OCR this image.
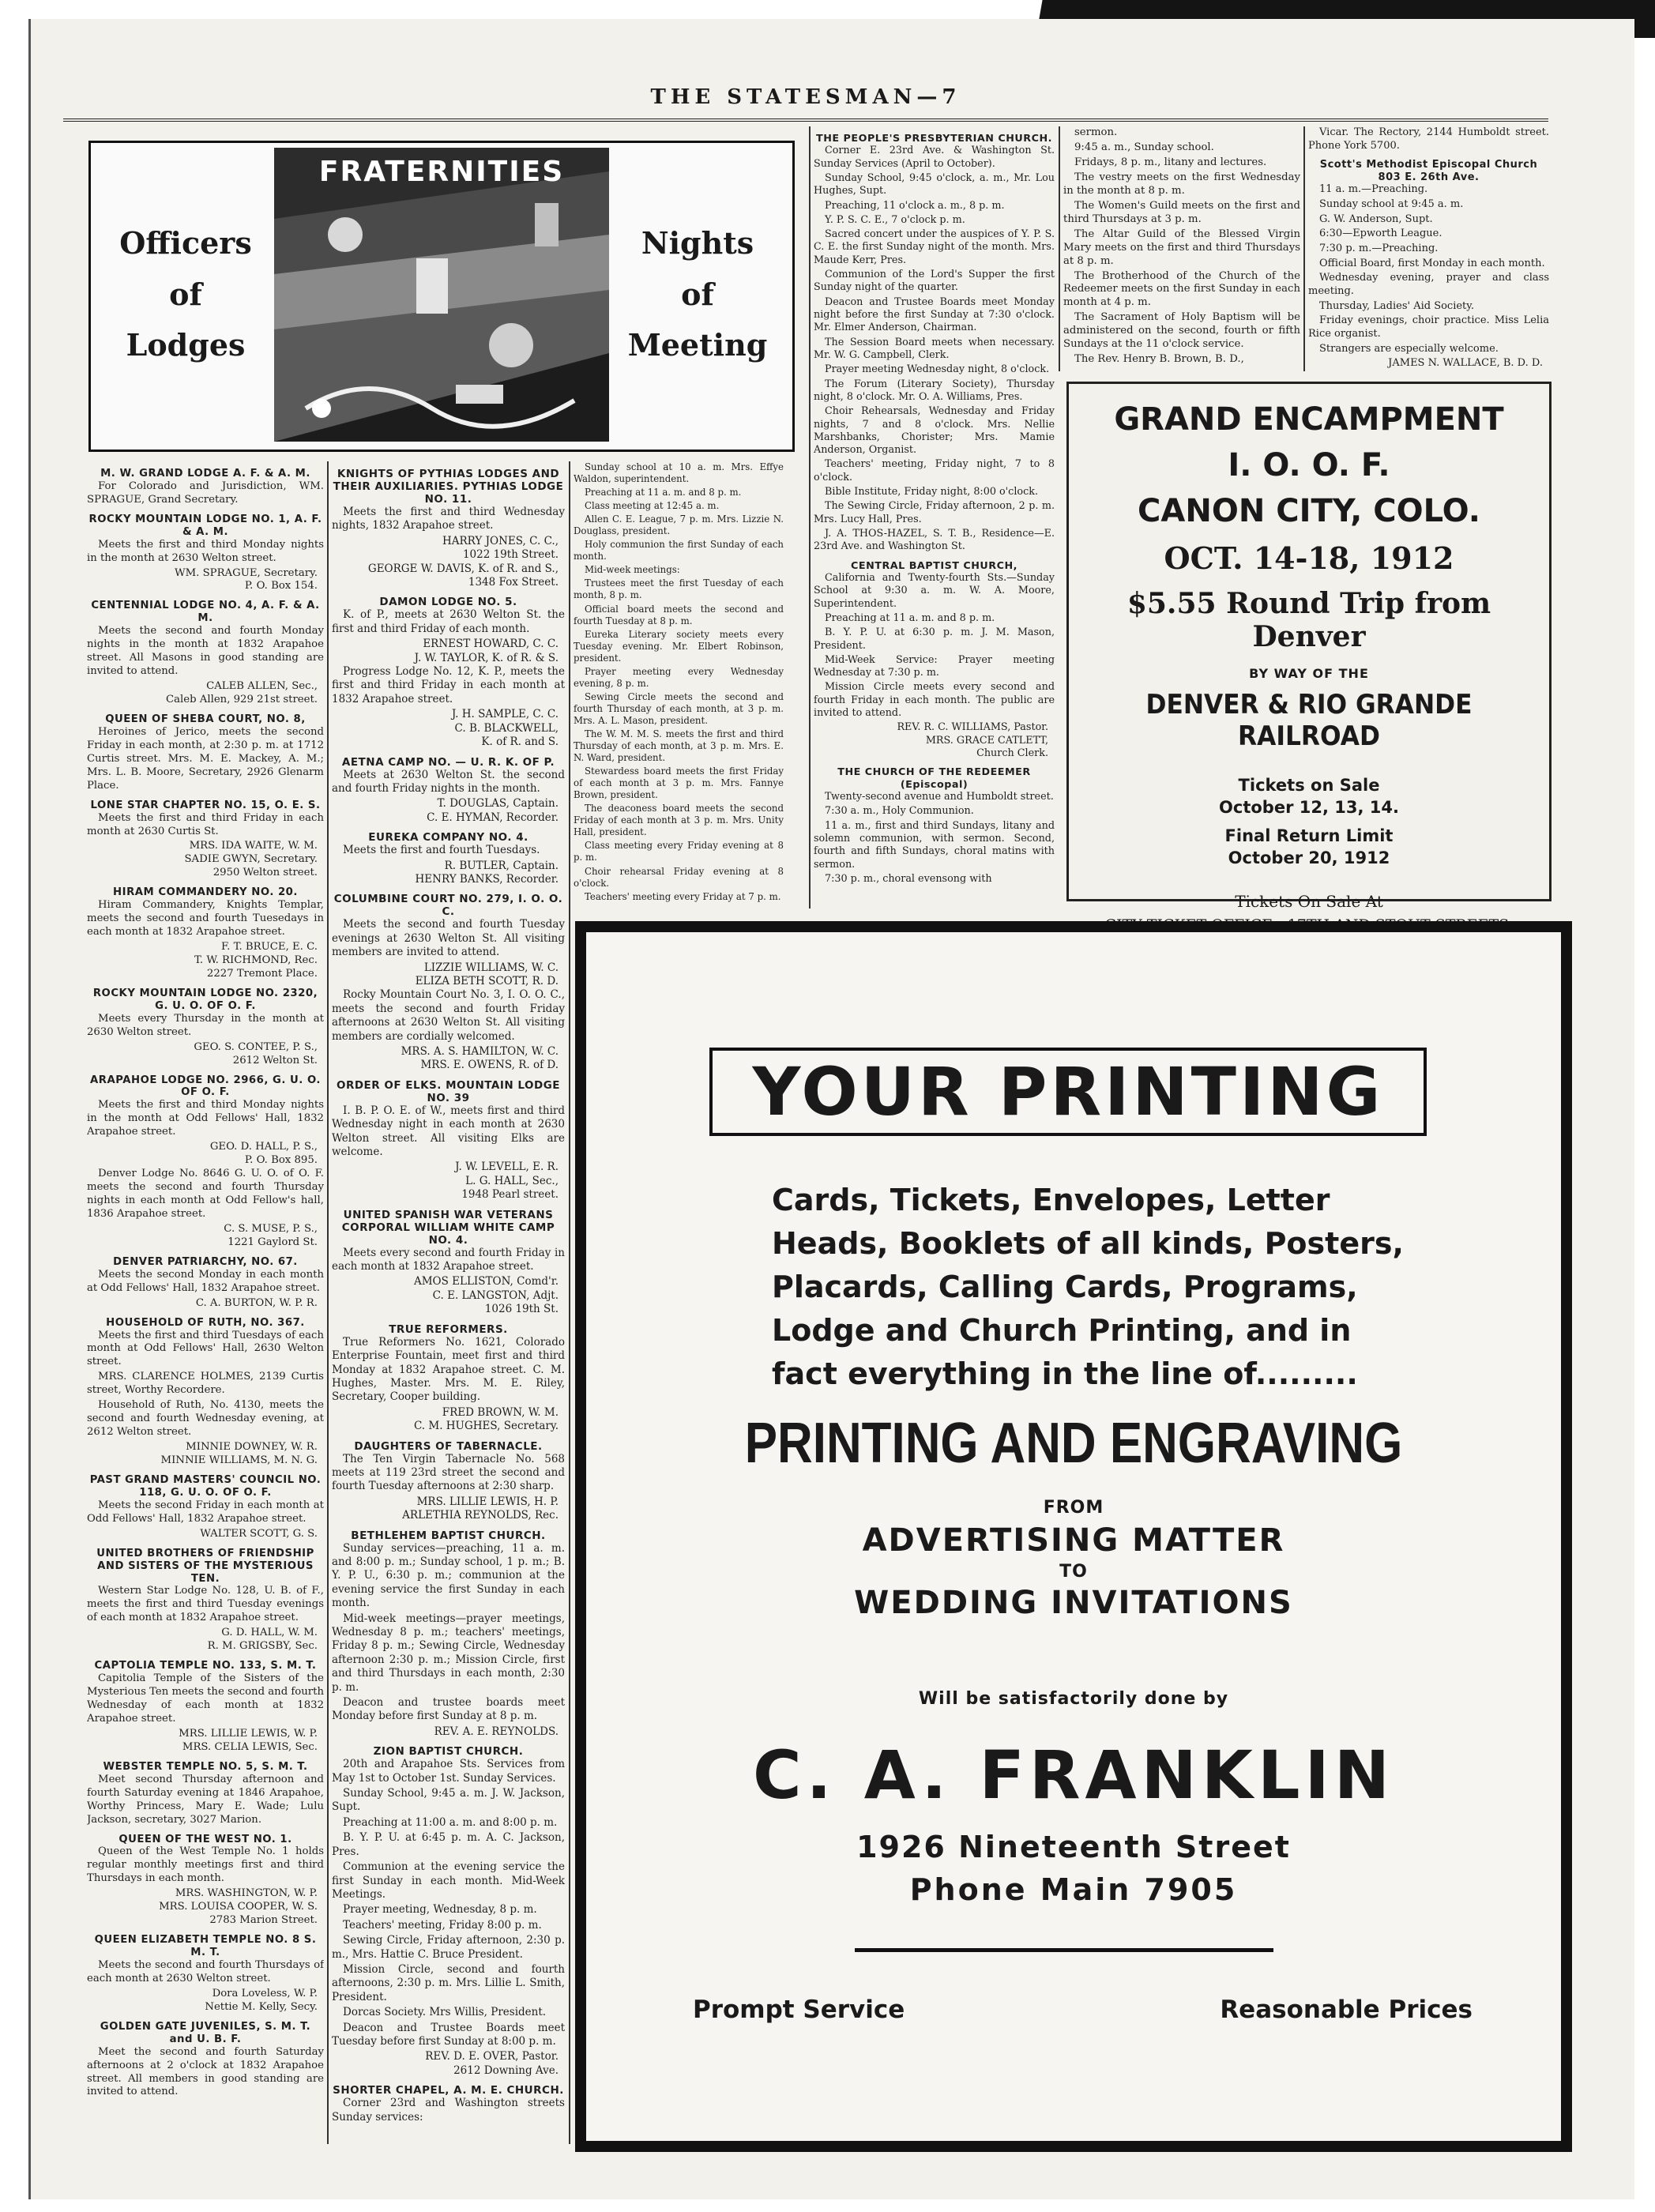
THE STATESMAN—7
Officers
of
Lodges
FRATERNITIES
Nights
of
Meeting
M. W. GRAND LODGE A. F. & A. M.

For Colorado and Jurisdiction, WM. SPRAGUE, Grand Secretary.

ROCKY MOUNTAIN LODGE NO. 1, A. F. & A. M.

Meets the first and third Monday nights in the month at 2630 Welton street.

WM. SPRAGUE, Secretary.

P. O. Box 154.

CENTENNIAL LODGE NO. 4, A. F. & A. M.

Meets the second and fourth Monday nights in the month at 1832 Arapahoe street. All Masons in good standing are invited to attend.

CALEB ALLEN, Sec.,

Caleb Allen, 929 21st street.

QUEEN OF SHEBA COURT, NO. 8,

Heroines of Jerico, meets the second Friday in each month, at 2:30 p. m. at 1712 Curtis street. Mrs. M. E. Mackey, A. M.; Mrs. L. B. Moore, Secretary, 2926 Glenarm Place.

LONE STAR CHAPTER NO. 15, O. E. S.

Meets the first and third Friday in each month at 2630 Curtis St.

MRS. IDA WAITE, W. M.

SADIE GWYN, Secretary.

2950 Welton street.

HIRAM COMMANDERY NO. 20.

Hiram Commandery, Knights Templar, meets the second and fourth Tuesedays in each month at 1832 Arapahoe street.

F. T. BRUCE, E. C.

T. W. RICHMOND, Rec.

2227 Tremont Place.

ROCKY MOUNTAIN LODGE NO. 2320, G. U. O. OF O. F.

Meets every Thursday in the month at 2630 Welton street.

GEO. S. CONTEE, P. S.,

2612 Welton St.

ARAPAHOE LODGE NO. 2966, G. U. O. OF O. F.

Meets the first and third Monday nights in the month at Odd Fellows' Hall, 1832 Arapahoe street.

GEO. D. HALL, P. S.,

P. O. Box 895.

Denver Lodge No. 8646 G. U. O. of O. F. meets the second and fourth Thursday nights in each month at Odd Fellow's hall, 1836 Arapahoe street.

C. S. MUSE, P. S.,

1221 Gaylord St.

DENVER PATRIARCHY, NO. 67.

Meets the second Monday in each month at Odd Fellows' Hall, 1832 Arapahoe street.

C. A. BURTON, W. P. R.

HOUSEHOLD OF RUTH, NO. 367.

Meets the first and third Tuesdays of each month at Odd Fellows' Hall, 2630 Welton street.

MRS. CLARENCE HOLMES, 2139 Curtis street, Worthy Recordere.

Household of Ruth, No. 4130, meets the second and fourth Wednesday evening, at 2612 Welton street.

MINNIE DOWNEY, W. R.

MINNIE WILLIAMS, M. N. G.

PAST GRAND MASTERS' COUNCIL NO. 118, G. U. O. OF O. F.

Meets the second Friday in each month at Odd Fellows' Hall, 1832 Arapahoe street.

WALTER SCOTT, G. S.

UNITED BROTHERS OF FRIENDSHIP AND SISTERS OF THE MYSTERIOUS TEN.

Western Star Lodge No. 128, U. B. of F., meets the first and third Tuesday evenings of each month at 1832 Arapahoe street.

G. D. HALL, W. M.

R. M. GRIGSBY, Sec.

CAPTOLIA TEMPLE NO. 133, S. M. T.

Capitolia Temple of the Sisters of the Mysterious Ten meets the second and fourth Wednesday of each month at 1832 Arapahoe street.

MRS. LILLIE LEWIS, W. P.

MRS. CELIA LEWIS, Sec.

WEBSTER TEMPLE NO. 5, S. M. T.

Meet second Thursday afternoon and fourth Saturday evening at 1846 Arapahoe, Worthy Princess, Mary E. Wade; Lulu Jackson, secretary, 3027 Marion.

QUEEN OF THE WEST NO. 1.

Queen of the West Temple No. 1 holds regular monthly meetings first and third Thursdays in each month.

MRS. WASHINGTON, W. P.

MRS. LOUISA COOPER, W. S.

2783 Marion Street.

QUEEN ELIZABETH TEMPLE NO. 8 S. M. T.

Meets the second and fourth Thursdays of each month at 2630 Welton street.

Dora Loveless, W. P.

Nettie M. Kelly, Secy.

GOLDEN GATE JUVENILES, S. M. T. and U. B. F.

Meet the second and fourth Saturday afternoons at 2 o'clock at 1832 Arapahoe street. All members in good standing are invited to attend.

KNIGHTS OF PYTHIAS LODGES AND THEIR AUXILIARIES. PYTHIAS LODGE NO. 11.

Meets the first and third Wednesday nights, 1832 Arapahoe street.

HARRY JONES, C. C.,

1022 19th Street.

GEORGE W. DAVIS, K. of R. and S.,

1348 Fox Street.

DAMON LODGE NO. 5.

K. of P., meets at 2630 Welton St. the first and third Friday of each month.

ERNEST HOWARD, C. C.

J. W. TAYLOR, K. of R. & S.

Progress Lodge No. 12, K. P., meets the first and third Friday in each month at 1832 Arapahoe street.

J. H. SAMPLE, C. C.

C. B. BLACKWELL,

K. of R. and S.

AETNA CAMP NO. — U. R. K. OF P.

Meets at 2630 Welton St. the second and fourth Friday nights in the month.

T. DOUGLAS, Captain.

C. E. HYMAN, Recorder.

EUREKA COMPANY NO. 4.

Meets the first and fourth Tuesdays.

R. BUTLER, Captain.

HENRY BANKS, Recorder.

COLUMBINE COURT NO. 279, I. O. O. C.

Meets the second and fourth Tuesday evenings at 2630 Welton St. All visiting members are invited to attend.

LIZZIE WILLIAMS, W. C.

ELIZA BETH SCOTT, R. D.

Rocky Mountain Court No. 3, I. O. O. C., meets the second and fourth Friday afternoons at 2630 Welton St. All visiting members are cordially welcomed.

MRS. A. S. HAMILTON, W. C.

MRS. E. OWENS, R. of D.

ORDER OF ELKS. MOUNTAIN LODGE NO. 39

I. B. P. O. E. of W., meets first and third Wednesday night in each month at 2630 Welton street. All visiting Elks are welcome.

J. W. LEVELL, E. R.

L. G. HALL, Sec.,

1948 Pearl street.

UNITED SPANISH WAR VETERANS CORPORAL WILLIAM WHITE CAMP NO. 4.

Meets every second and fourth Friday in each month at 1832 Arapahoe street.

AMOS ELLISTON, Comd'r.

C. E. LANGSTON, Adjt.

1026 19th St.

TRUE REFORMERS.

True Reformers No. 1621, Colorado Enterprise Fountain, meet first and third Monday at 1832 Arapahoe street. C. M. Hughes, Master. Mrs. M. E. Riley, Secretary, Cooper building.

FRED BROWN, W. M.

C. M. HUGHES, Secretary.

DAUGHTERS OF TABERNACLE.

The Ten Virgin Tabernacle No. 568 meets at 119 23rd street the second and fourth Tuesday afternoons at 2:30 sharp.

MRS. LILLIE LEWIS, H. P.

ARLETHIA REYNOLDS, Rec.

BETHLEHEM BAPTIST CHURCH.

Sunday services—preaching, 11 a. m. and 8:00 p. m.; Sunday school, 1 p. m.; B. Y. P. U., 6:30 p. m.; communion at the evening service the first Sunday in each month.

Mid-week meetings—prayer meetings, Wednesday 8 p. m.; teachers' meetings, Friday 8 p. m.; Sewing Circle, Wednesday afternoon 2:30 p. m.; Mission Circle, first and third Thursdays in each month, 2:30 p. m.

Deacon and trustee boards meet Monday before first Sunday at 8 p. m.

REV. A. E. REYNOLDS.

ZION BAPTIST CHURCH.

20th and Arapahoe Sts. Services from May 1st to October 1st. Sunday Services.

Sunday School, 9:45 a. m. J. W. Jackson, Supt.

Preaching at 11:00 a. m. and 8:00 p. m.

B. Y. P. U. at 6:45 p. m. A. C. Jackson, Pres.

Communion at the evening service the first Sunday in each month. Mid-Week Meetings.

Prayer meeting, Wednesday, 8 p. m.

Teachers' meeting, Friday 8:00 p. m.

Sewing Circle, Friday afternoon, 2:30 p. m., Mrs. Hattie C. Bruce President.

Mission Circle, second and fourth afternoons, 2:30 p. m. Mrs. Lillie L. Smith, President.

Dorcas Society. Mrs Willis, President.

Deacon and Trustee Boards meet Tuesday before first Sunday at 8:00 p. m.

REV. D. E. OVER, Pastor.

2612 Downing Ave.

SHORTER CHAPEL, A. M. E. CHURCH.

Corner 23rd and Washington streets Sunday services:

Sunday school at 10 a. m. Mrs. Effye Waldon, superintendent.

Preaching at 11 a. m. and 8 p. m.

Class meeting at 12:45 a. m.

Allen C. E. League, 7 p. m. Mrs. Lizzie N. Douglass, president.

Holy communion the first Sunday of each month.

Mid-week meetings:

Trustees meet the first Tuesday of each month, 8 p. m.

Official board meets the second and fourth Tuesday at 8 p. m.

Eureka Literary society meets every Tuesday evening. Mr. Elbert Robinson, president.

Prayer meeting every Wednesday evening, 8 p. m.

Sewing Circle meets the second and fourth Thursday of each month, at 3 p. m. Mrs. A. L. Mason, president.

The W. M. M. S. meets the first and third Thursday of each month, at 3 p. m. Mrs. E. N. Ward, president.

Stewardess board meets the first Friday of each month at 3 p. m. Mrs. Fannye Brown, president.

The deaconess board meets the second Friday of each month at 3 p. m. Mrs. Unity Hall, president.

Class meeting every Friday evening at 8 p. m.

Choir rehearsal Friday evening at 8 o'clock.

Teachers' meeting every Friday at 7 p. m.

THE PEOPLE'S PRESBYTERIAN CHURCH.

Corner E. 23rd Ave. & Washington St. Sunday Services (April to October).

Sunday School, 9:45 o'clock, a. m., Mr. Lou Hughes, Supt.

Preaching, 11 o'clock a. m., 8 p. m.

Y. P. S. C. E., 7 o'clock p. m.

Sacred concert under the auspices of Y. P. S. C. E. the first Sunday night of the month. Mrs. Maude Kerr, Pres.

Communion of the Lord's Supper the first Sunday night of the quarter.

Deacon and Trustee Boards meet Monday night before the first Sunday at 7:30 o'clock. Mr. Elmer Anderson, Chairman.

The Session Board meets when necessary. Mr. W. G. Campbell, Clerk.

Prayer meeting Wednesday night, 8 o'clock.

The Forum (Literary Society), Thursday night, 8 o'clock. Mr. O. A. Williams, Pres.

Choir Rehearsals, Wednesday and Friday nights, 7 and 8 o'clock. Mrs. Nellie Marshbanks, Chorister; Mrs. Mamie Anderson, Organist.

Teachers' meeting, Friday night, 7 to 8 o'clock.

Bible Institute, Friday night, 8:00 o'clock.

The Sewing Circle, Friday afternoon, 2 p. m. Mrs. Lucy Hall, Pres.

J. A. THOS-HAZEL, S. T. B., Residence—E. 23rd Ave. and Washington St.

CENTRAL BAPTIST CHURCH,

California and Twenty-fourth Sts.—Sunday School at 9:30 a. m. W. A. Moore, Superintendent.

Preaching at 11 a. m. and 8 p. m.

B. Y. P. U. at 6:30 p. m. J. M. Mason, President.

Mid-Week Service: Prayer meeting Wednesday at 7:30 p. m.

Mission Circle meets every second and fourth Friday in each month. The public are invited to attend.

REV. R. C. WILLIAMS, Pastor.

MRS. GRACE CATLETT,

Church Clerk.

THE CHURCH OF THE REDEEMER (Episcopal)

Twenty-second avenue and Humboldt street.

7:30 a. m., Holy Communion.

11 a. m., first and third Sundays, litany and solemn communion, with sermon. Second, fourth and fifth Sundays, choral matins with sermon.

7:30 p. m., choral evensong with

sermon.

9:45 a. m., Sunday school.

Fridays, 8 p. m., litany and lectures.

The vestry meets on the first Wednesday in the month at 8 p. m.

The Women's Guild meets on the first and third Thursdays at 3 p. m.

The Altar Guild of the Blessed Virgin Mary meets on the first and third Thursdays at 8 p. m.

The Brotherhood of the Church of the Redeemer meets on the first Sunday in each month at 4 p. m.

The Sacrament of Holy Baptism will be administered on the second, fourth or fifth Sundays at the 11 o'clock service.

The Rev. Henry B. Brown, B. D.,

Vicar. The Rectory, 2144 Humboldt street. Phone York 5700.

Scott's Methodist Episcopal Church 803 E. 26th Ave.

11 a. m.—Preaching.

Sunday school at 9:45 a. m.

G. W. Anderson, Supt.

6:30—Epworth League.

7:30 p. m.—Preaching.

Official Board, first Monday in each month.

Wednesday evening, prayer and class meeting.

Thursday, Ladies' Aid Society.

Friday evenings, choir practice. Miss Lelia Rice organist.

Strangers are especially welcome.

JAMES N. WALLACE, B. D. D.

GRAND ENCAMPMENT
I. O. O. F.
CANON CITY, COLO.
OCT. 14-18, 1912
$5.55 Round Trip from Denver
BY WAY OF THE
DENVER & RIO GRANDE RAILROAD
Tickets on Sale
October 12, 13, 14.
Final Return Limit
October 20, 1912
Tickets On Sale At
YOUR PRINTING
Cards, Tickets, Envelopes, Letter Heads, Booklets of all kinds, Posters, Placards, Calling Cards, Programs, Lodge and Church Printing, and in fact everything in the line of.........
PRINTING AND ENGRAVING
FROM
ADVERTISING MATTER
TO
WEDDING INVITATIONS
Will be satisfactorily done by
C. A. FRANKLIN
1926 Nineteenth Street
Phone Main 7905
Prompt Service	Reasonable Prices
